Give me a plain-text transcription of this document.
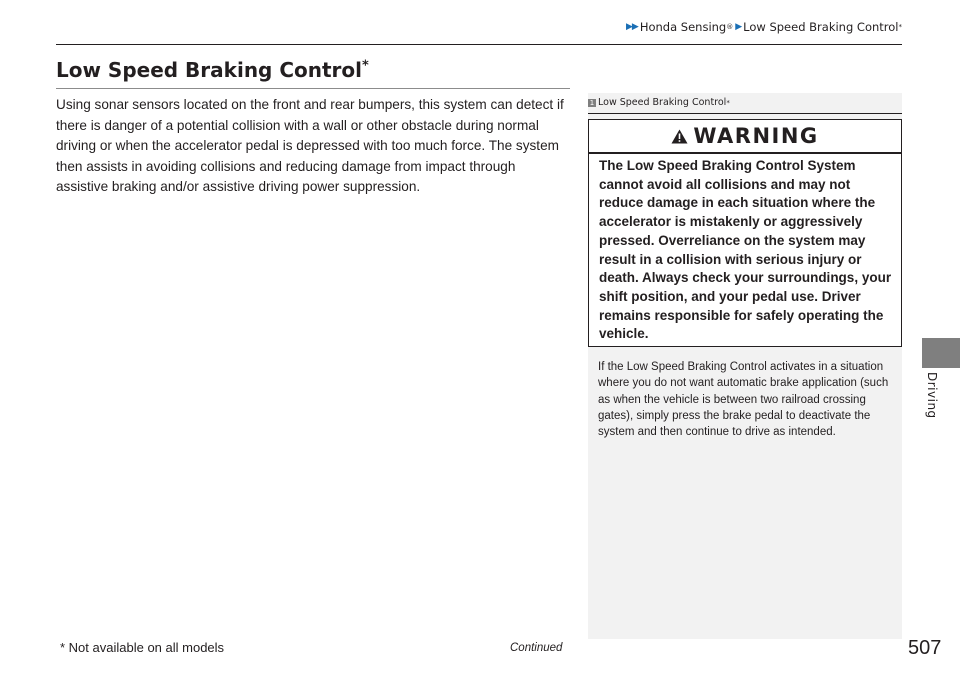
▶▶ Honda Sensing ® ▶ Low Speed Braking Control *
Low Speed Braking Control*

Using sonar sensors located on the front and rear bumpers, this system can detect if there is danger of a potential collision with a wall or other obstacle during normal driving or when the accelerator pedal is depressed with too much force. The system then assists in avoiding collisions and reducing damage from impact through assistive braking and/or assistive driving power suppression.

1 Low Speed Braking Control *
WARNING

The Low Speed Braking Control System cannot avoid all collisions and may not reduce damage in each situation where the accelerator is mistakenly or aggressively pressed. Overreliance on the system may result in a collision with serious injury or death. Always check your surroundings, your shift position, and your pedal use. Driver remains responsible for safely operating the vehicle.

If the Low Speed Braking Control activates in a situation where you do not want automatic brake application (such as when the vehicle is between two railroad crossing gates), simply press the brake pedal to deactivate the system and then continue to drive as intended.

Driving
* Not available on all models	Continued	507
